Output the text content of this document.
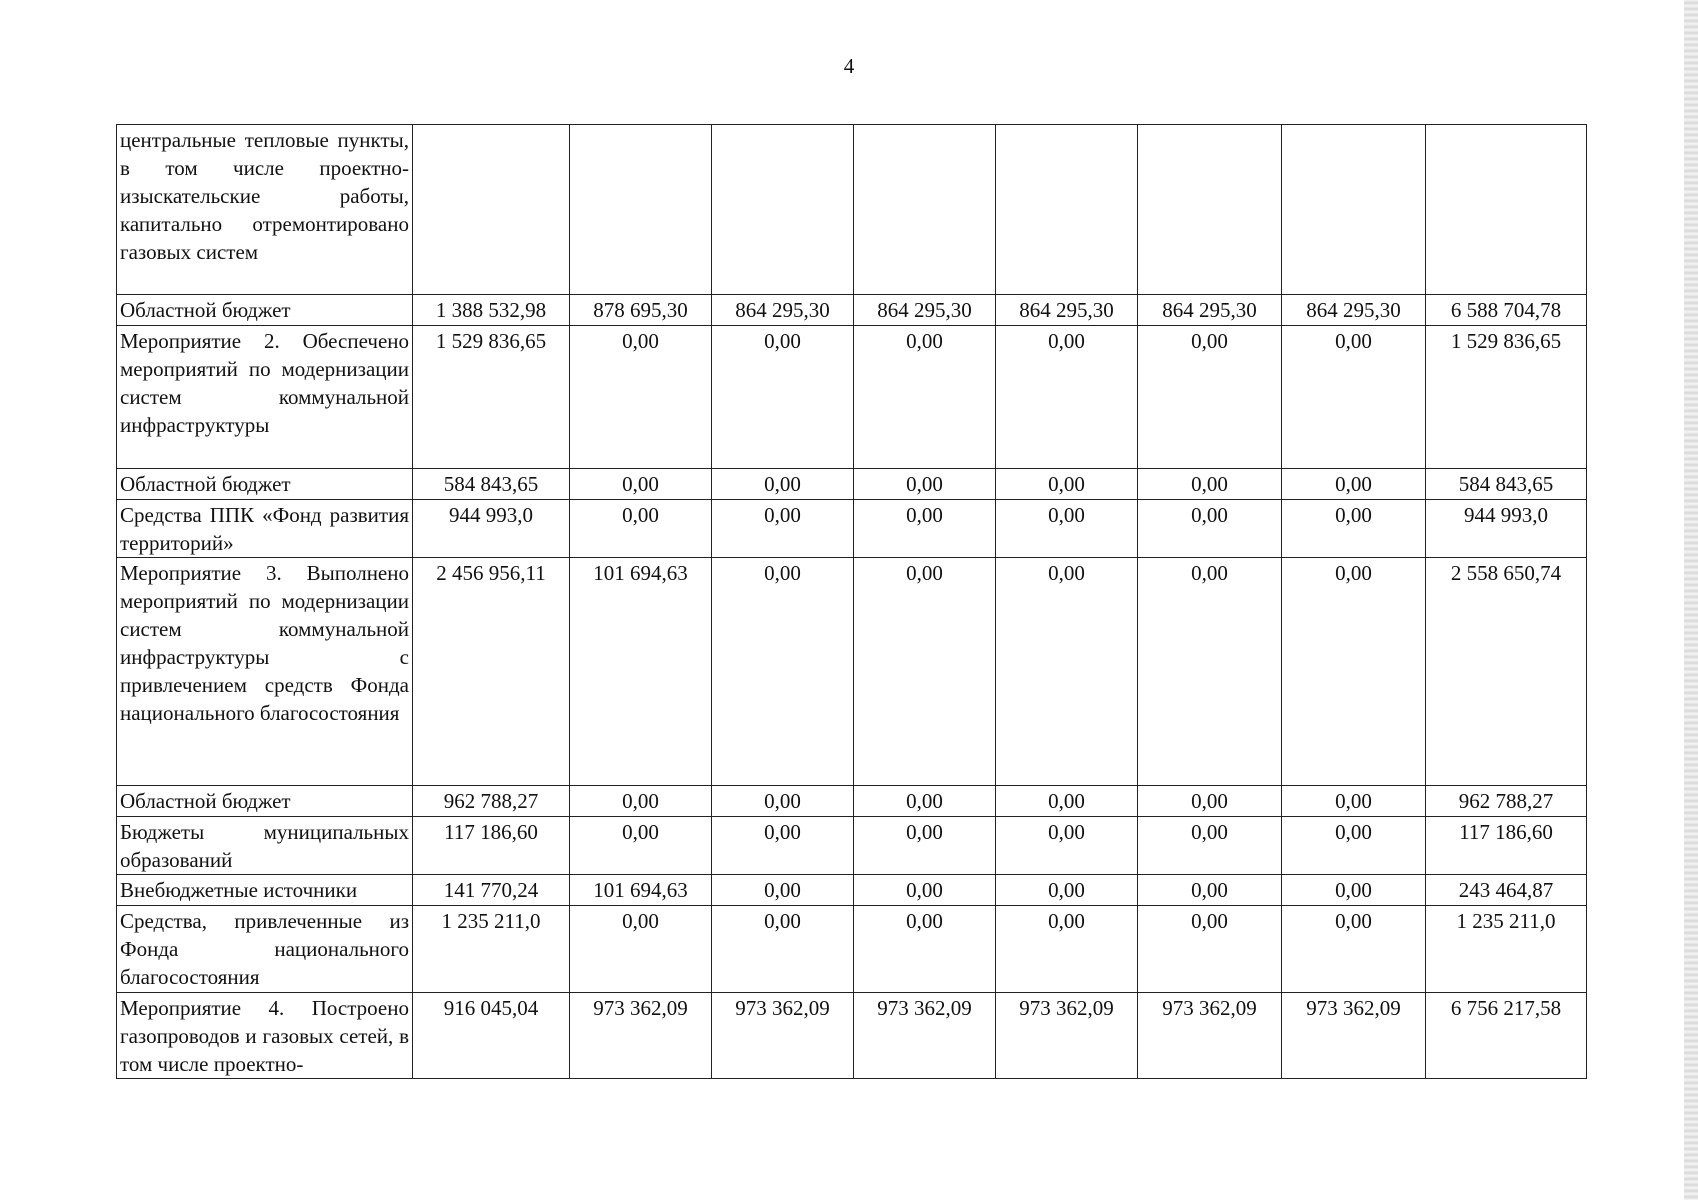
4
центральные тепловые пункты, в том числе проектно-изыскательские работы, капитально отремонтировано газовых систем								
Областной бюджет	1 388 532,98	878 695,30	864 295,30	864 295,30	864 295,30	864 295,30	864 295,30	6 588 704,78
Мероприятие 2. Обеспечено мероприятий по модернизации систем коммунальной инфраструктуры	1 529 836,65	0,00	0,00	0,00	0,00	0,00	0,00	1 529 836,65
Областной бюджет	584 843,65	0,00	0,00	0,00	0,00	0,00	0,00	584 843,65
Средства ППК «Фонд развития территорий»	944 993,0	0,00	0,00	0,00	0,00	0,00	0,00	944 993,0
Мероприятие 3. Выполнено мероприятий по модернизации систем коммунальной инфраструктуры с привлечением средств Фонда национального благосостояния	2 456 956,11	101 694,63	0,00	0,00	0,00	0,00	0,00	2 558 650,74
Областной бюджет	962 788,27	0,00	0,00	0,00	0,00	0,00	0,00	962 788,27
Бюджеты муниципальных образований	117 186,60	0,00	0,00	0,00	0,00	0,00	0,00	117 186,60
Внебюджетные источники	141 770,24	101 694,63	0,00	0,00	0,00	0,00	0,00	243 464,87
Средства, привлеченные из Фонда национального благосостояния	1 235 211,0	0,00	0,00	0,00	0,00	0,00	0,00	1 235 211,0
Мероприятие 4. Построено газопроводов и газовых сетей, в том числе проектно-	916 045,04	973 362,09	973 362,09	973 362,09	973 362,09	973 362,09	973 362,09	6 756 217,58
